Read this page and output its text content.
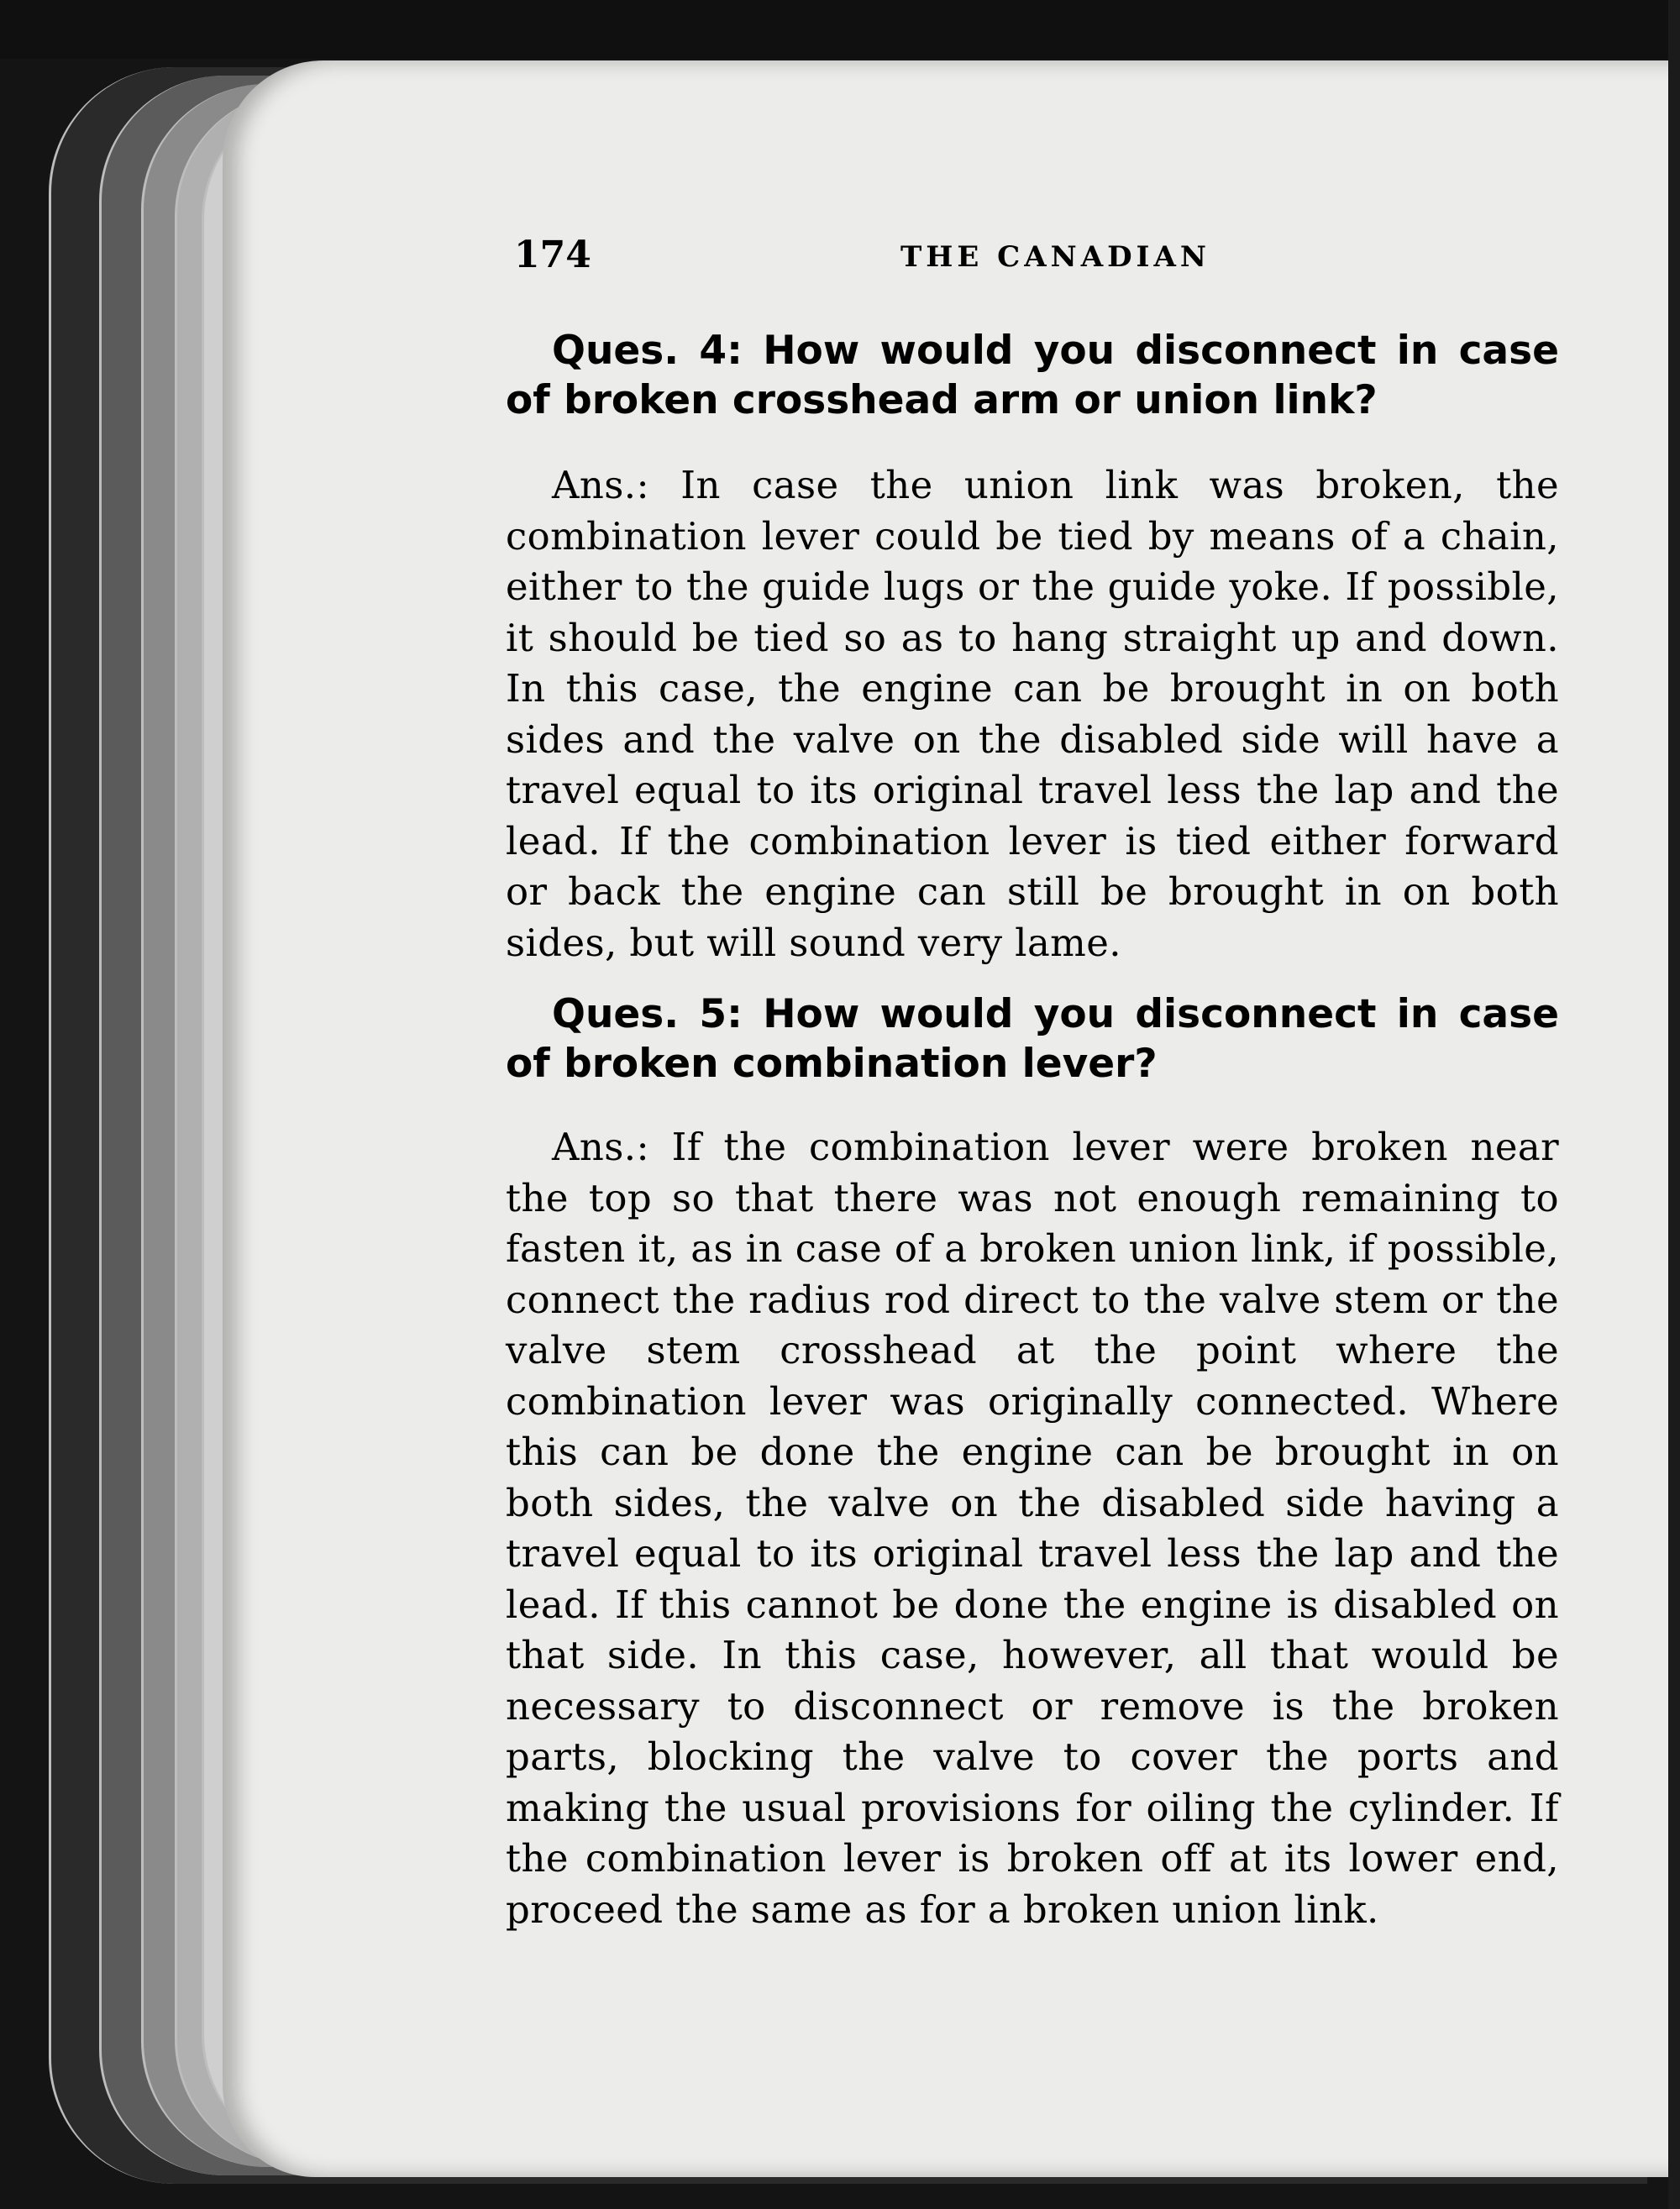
174	THE CANADIAN

Ques. 4: How would you disconnect in case of broken crosshead arm or union link?

Ans.: In case the union link was broken, the combination lever could be tied by means of a chain, either to the guide lugs or the guide yoke. If possible, it should be tied so as to hang straight up and down. In this case, the engine can be brought in on both sides and the valve on the disabled side will have a travel equal to its original travel less the lap and the lead. If the combination lever is tied either forward or back the engine can still be brought in on both sides, but will sound very lame.

Ques. 5: How would you disconnect in case of broken combination lever?

Ans.: If the combination lever were broken near the top so that there was not enough remaining to fasten it, as in case of a broken union link, if possible, connect the radius rod direct to the valve stem or the valve stem crosshead at the point where the combination lever was originally connected. Where this can be done the engine can be brought in on both sides, the valve on the disabled side having a travel equal to its original travel less the lap and the lead. If this cannot be done the engine is disabled on that side. In this case, however, all that would be necessary to disconnect or remove is the broken parts, blocking the valve to cover the ports and making the usual provisions for oiling the cylinder. If the combination lever is broken off at its lower end, proceed the same as for a broken union link.
